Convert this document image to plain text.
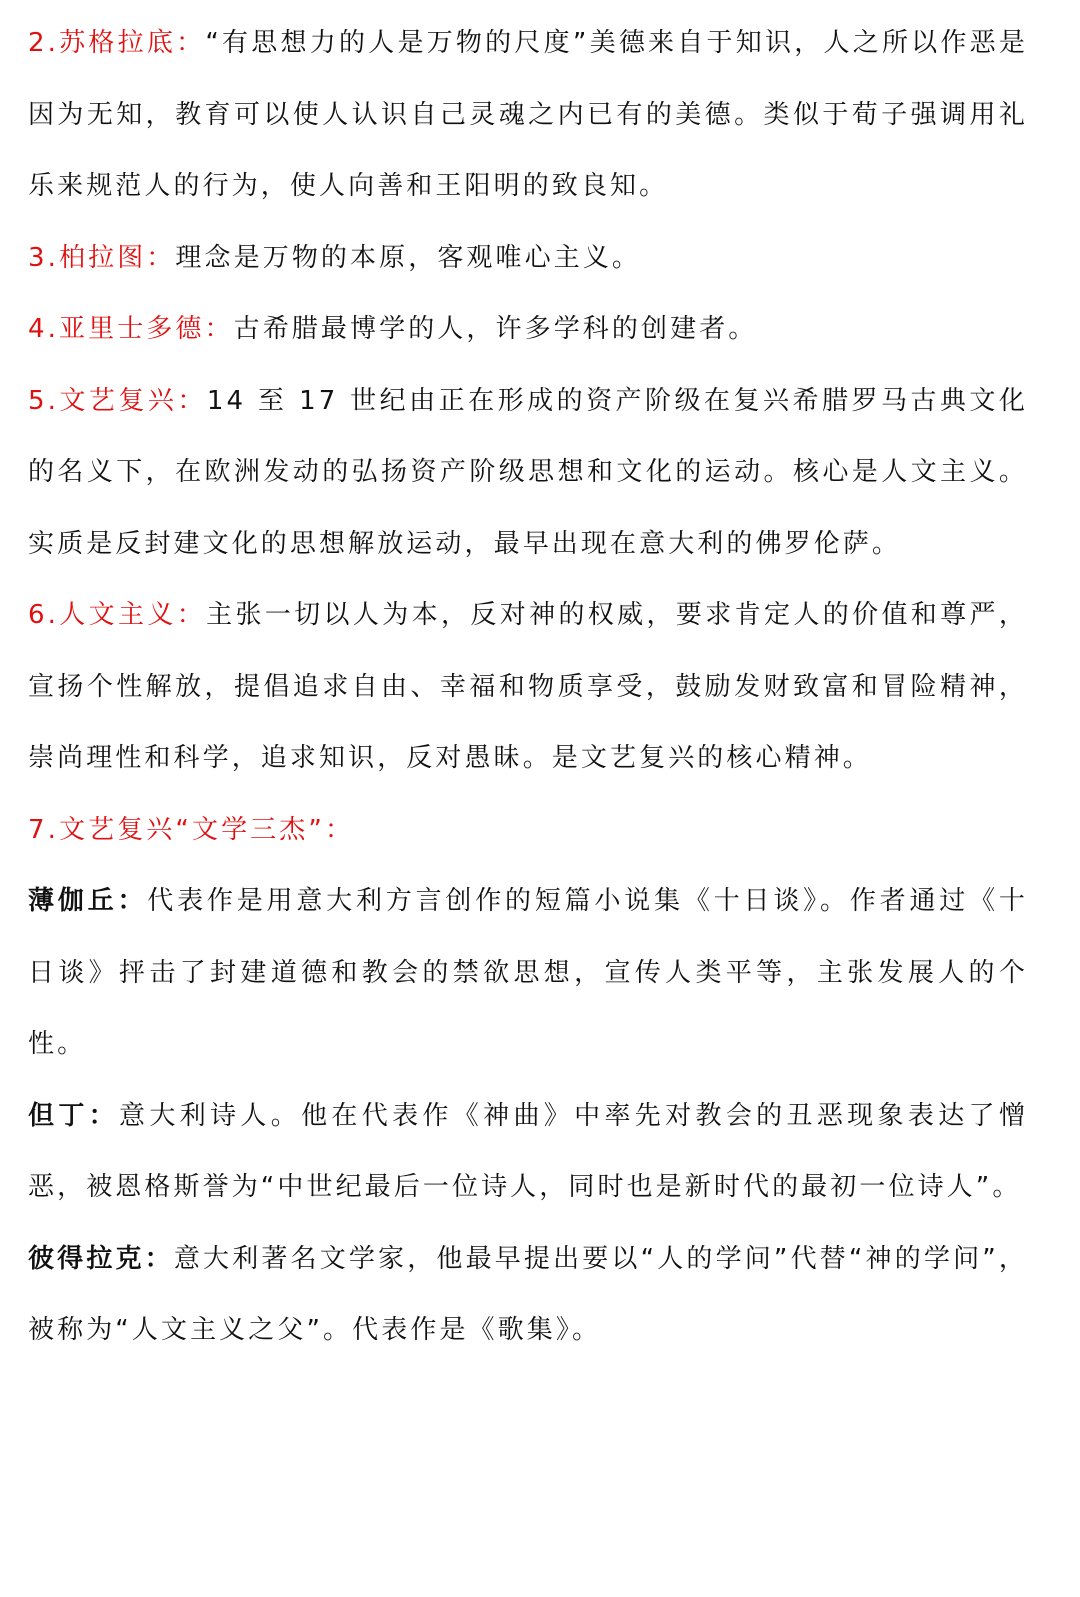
2.苏格拉底：“有思想力的人是万物的尺度”美德来自于知识，人之所以作恶是因为无知，教育可以使人认识自己灵魂之内已有的美德。类似于荀子强调用礼乐来规范人的行为，使人向善和王阳明的致良知。

3.柏拉图：理念是万物的本原，客观唯心主义。

4.亚里士多德：古希腊最博学的人，许多学科的创建者。

5.文艺复兴：14 至 17 世纪由正在形成的资产阶级在复兴希腊罗马古典文化的名义下，在欧洲发动的弘扬资产阶级思想和文化的运动。核心是人文主义。实质是反封建文化的思想解放运动，最早出现在意大利的佛罗伦萨。

6.人文主义：主张一切以人为本，反对神的权威，要求肯定人的价值和尊严，宣扬个性解放，提倡追求自由、幸福和物质享受，鼓励发财致富和冒险精神，崇尚理性和科学，追求知识，反对愚昧。是文艺复兴的核心精神。

7.文艺复兴“文学三杰”：

薄伽丘：代表作是用意大利方言创作的短篇小说集《十日谈》。作者通过《十日谈》抨击了封建道德和教会的禁欲思想，宣传人类平等，主张发展人的个性。

但丁：意大利诗人。他在代表作《神曲》中率先对教会的丑恶现象表达了憎恶，被恩格斯誉为“中世纪最后一位诗人，同时也是新时代的最初一位诗人”。

彼得拉克：意大利著名文学家，他最早提出要以“人的学问”代替“神的学问”，被称为“人文主义之父”。代表作是《歌集》。
